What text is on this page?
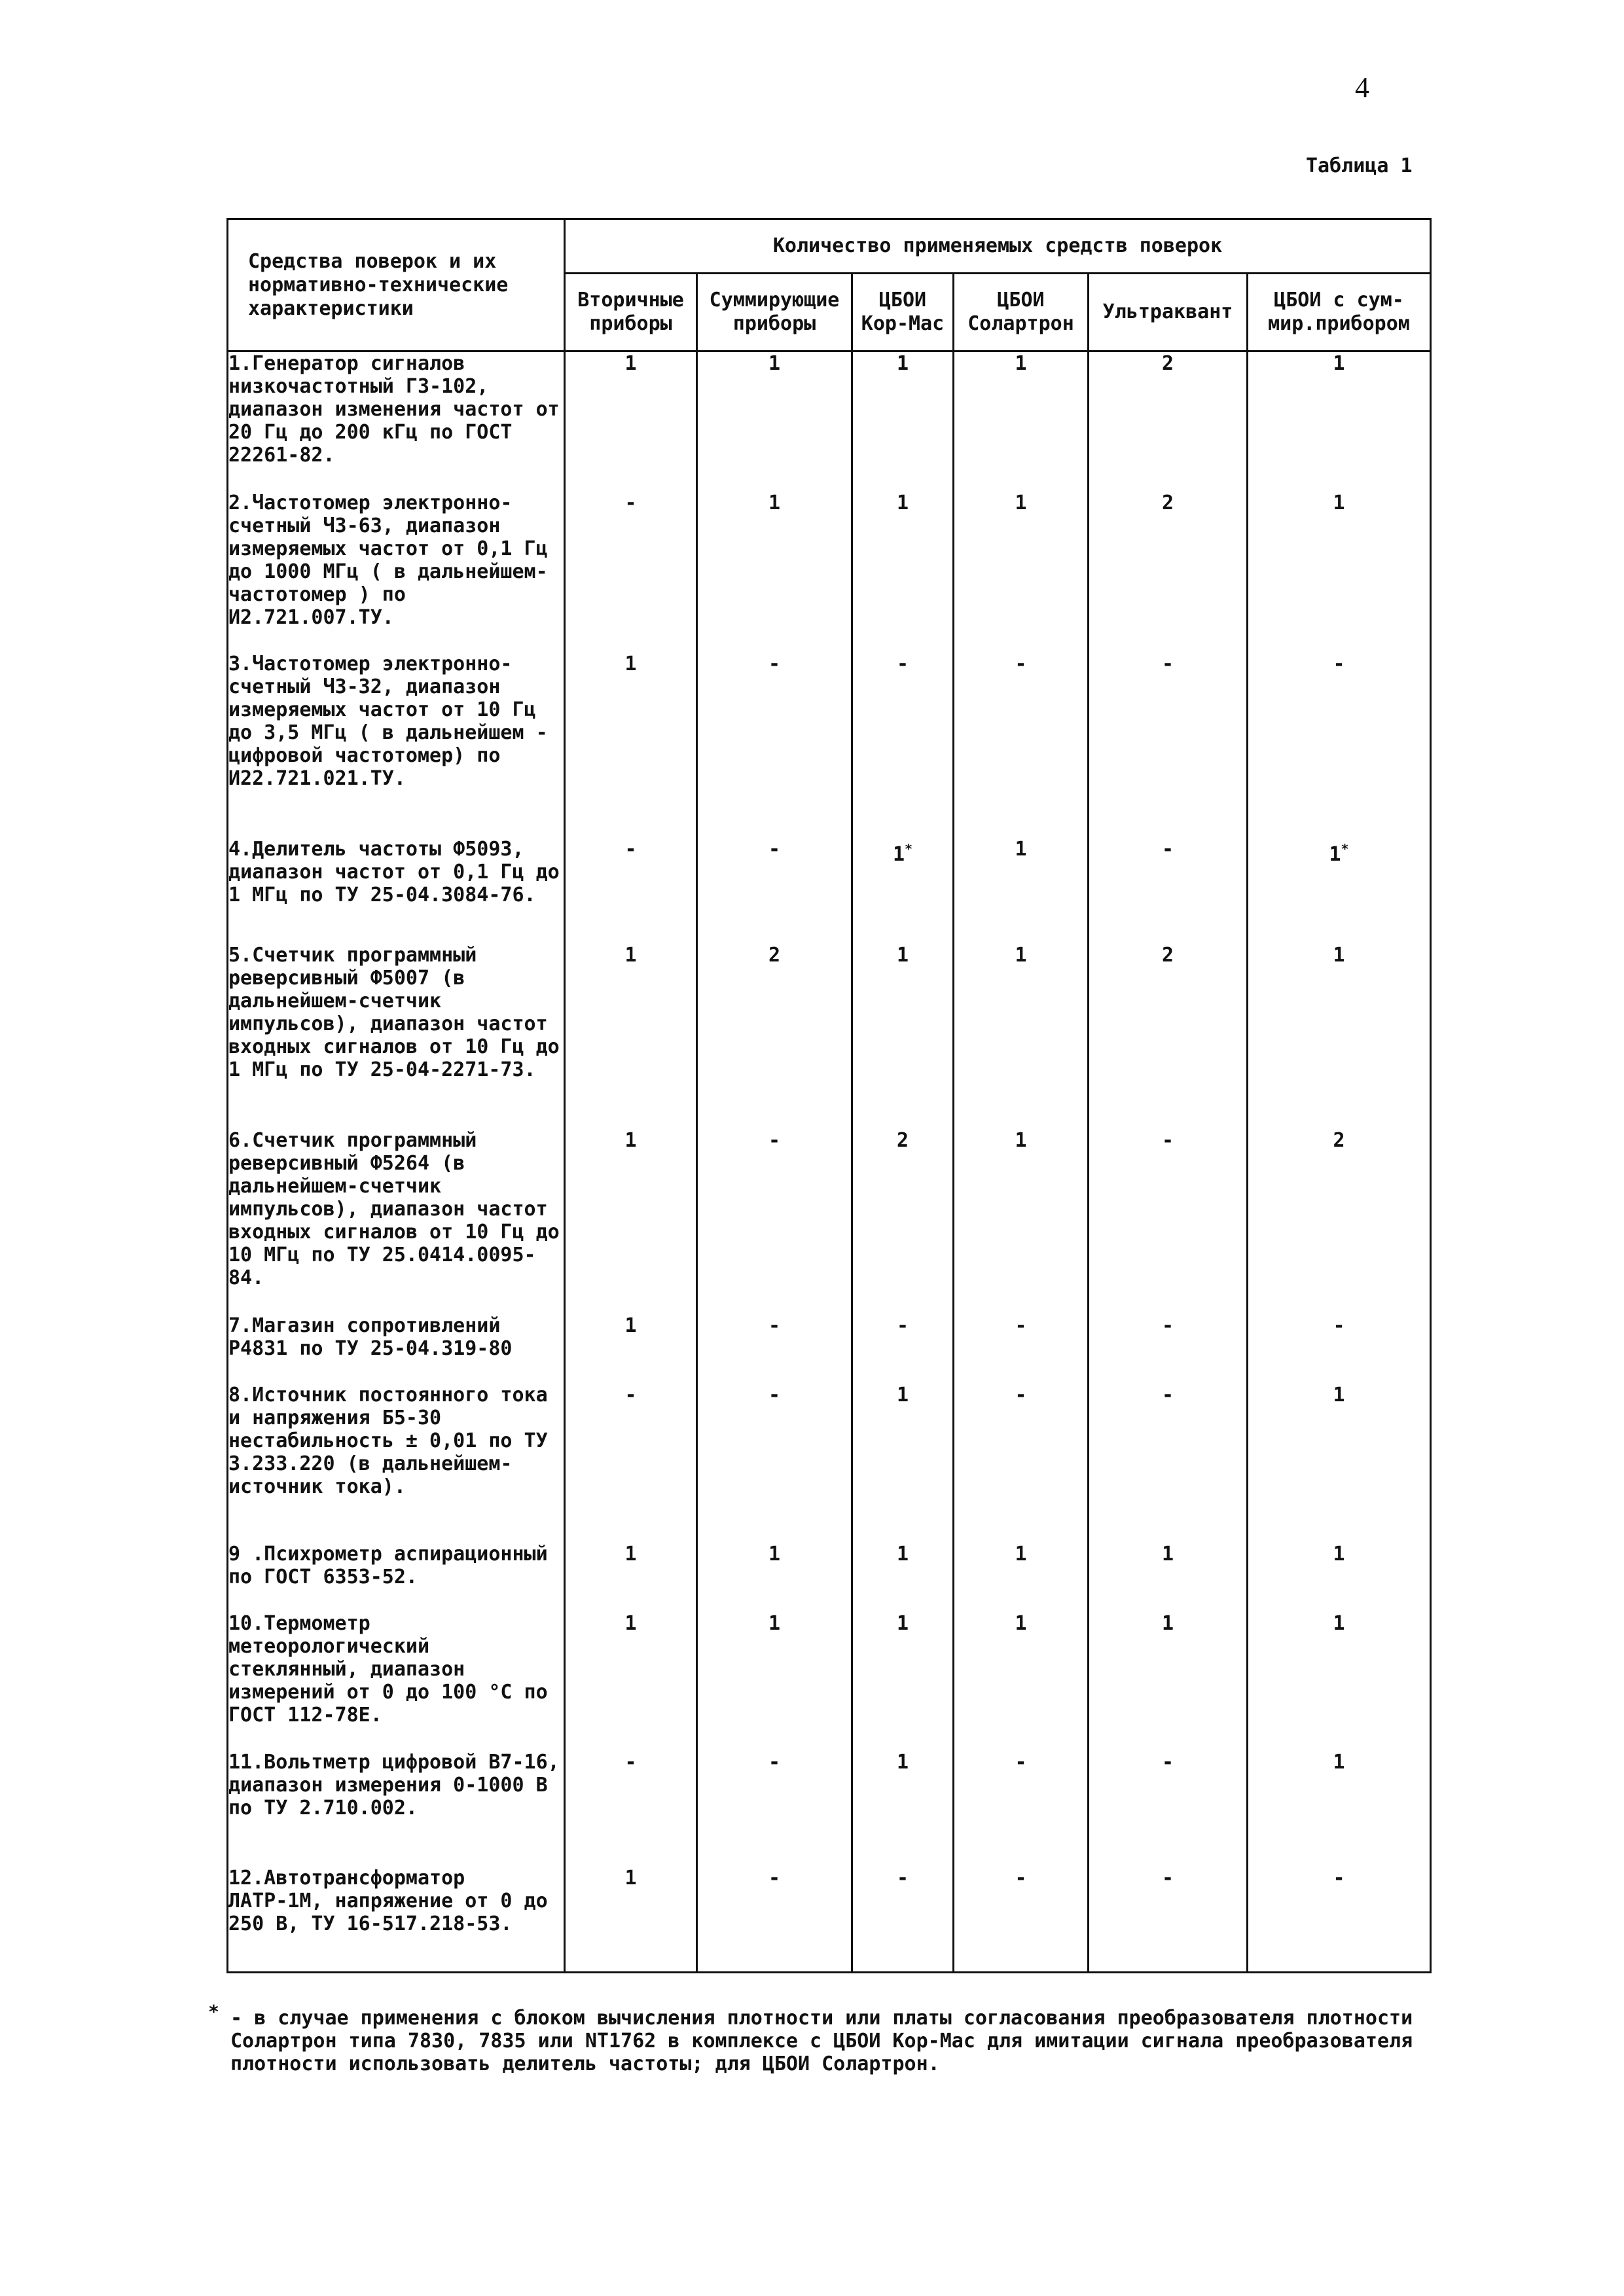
4
Таблица 1
Средства поверок и их нормативно-технические характеристики	Количество применяемых средств поверок					
	Вторичные приборы	Суммирующие приборы	ЦБОИ Кор-Мас	ЦБОИ Солартрон	Ультраквант	ЦБОИ с сум-мир.прибором
1.Генератор сигналов низкочастотный Г3-102, диапазон изменения частот от 20 Гц до 200 кГц по ГОСТ 22261-82.	1	1	1	1	2	1
2.Частотомер электронно-счетный Ч3-63, диапазон измеряемых частот от 0,1 Гц до 1000 МГц ( в дальнейшем-частотомер ) по И2.721.007.ТУ.	-	1	1	1	2	1
3.Частотомер электронно-счетный Ч3-32, диапазон измеряемых частот от 10 Гц до 3,5 МГц ( в дальнейшем - цифровой частотомер) по И22.721.021.ТУ.	1	-	-	-	-	-
4.Делитель частоты Ф5093, диапазон частот от 0,1 Гц до 1 МГц по ТУ 25-04.3084-76.	-	-	1*	1	-	1*
5.Счетчик программный реверсивный Ф5007 (в дальнейшем-счетчик импульсов), диапазон частот входных сигналов от 10 Гц до 1 МГц по ТУ 25-04-2271-73.	1	2	1	1	2	1
6.Счетчик программный реверсивный Ф5264 (в дальнейшем-счетчик импульсов), диапазон частот входных сигналов от 10 Гц до 10 МГц по ТУ 25.0414.0095-84.	1	-	2	1	-	2
7.Магазин сопротивлений Р4831 по ТУ 25-04.319-80	1	-	-	-	-	-
8.Источник постоянного тока и напряжения Б5-30 нестабильность ± 0,01 по ТУ 3.233.220 (в дальнейшем-источник тока).	-	-	1	-	-	1
9 .Психрометр аспирационный по ГОСТ 6353-52.	1	1	1	1	1	1
10.Термометр метеорологический стеклянный, диапазон измерений от 0 до 100 °C по ГОСТ 112-78Е.	1	1	1	1	1	1
11.Вольтметр цифровой В7-16, диапазон измерения 0-1000 В по ТУ 2.710.002.	-	-	1	-	-	1
12.Автотрансформатор ЛАТР-1М, напряжение от 0 до 250 В, ТУ 16-517.218-53.	1	-	-	-	-	-
* - в случае применения с блоком вычисления плотности или платы согласования преобразователя плотности Солартрон типа 7830, 7835 или NT1762 в комплексе с ЦБОИ Кор-Мас для имитации сигнала преобразователя плотности использовать делитель частоты; для ЦБОИ Солартрон.
